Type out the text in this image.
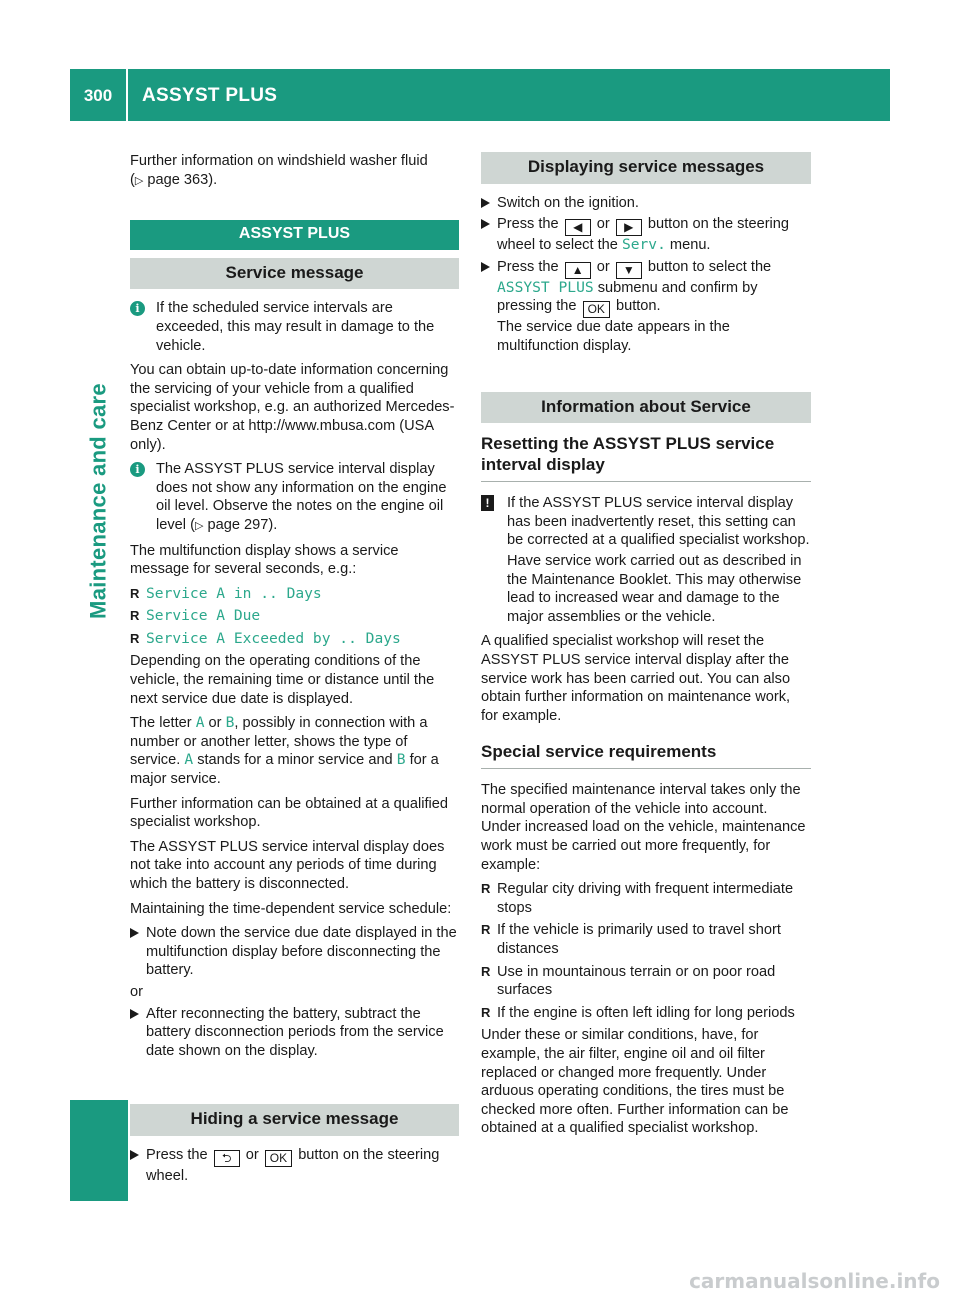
300	ASSYST PLUS
Maintenance and care

Further information on windshield washer fluid
(▷ page 363).

ASSYST PLUS
Service message
i	If the scheduled service intervals are exceeded, this may result in damage to the vehicle.

You can obtain up-to-date information concerning the servicing of your vehicle from a qualified specialist workshop, e.g. an authorized Mercedes-Benz Center or at http://www.mbusa.com (USA only).

i	The ASSYST PLUS service interval display does not show any information on the engine oil level. Observe the notes on the engine oil level (▷ page 297).

The multifunction display shows a service message for several seconds, e.g.:

R Service A in .. Days
R Service A Due
R Service A Exceeded by .. Days

Depending on the operating conditions of the vehicle, the remaining time or distance until the next service due date is displayed.

The letter A or B, possibly in connection with a number or another letter, shows the type of service. A stands for a minor service and B for a major service.

Further information can be obtained at a qualified specialist workshop.

The ASSYST PLUS service interval display does not take into account any periods of time during which the battery is disconnected.

Maintaining the time-dependent service schedule:

Note down the service due date displayed in the multifunction display before disconnecting the battery.

or

After reconnecting the battery, subtract the battery disconnection periods from the service date shown on the display.
Hiding a service message
Press the ⮌ or OK button on the steering wheel.
Displaying service messages
Switch on the ignition.
Press the ◀ or ▶ button on the steering wheel to select the Serv. menu.
Press the ▲ or ▼ button to select the ASSYST PLUS submenu and confirm by pressing the OK button.
The service due date appears in the multifunction display.
Information about Service
Resetting the ASSYST PLUS service interval display
!	If the ASSYST PLUS service interval display has been inadvertently reset, this setting can be corrected at a qualified specialist workshop.

Have service work carried out as described in the Maintenance Booklet. This may otherwise lead to increased wear and damage to the major assemblies or the vehicle.

A qualified specialist workshop will reset the ASSYST PLUS service interval display after the service work has been carried out. You can also obtain further information on maintenance work, for example.

Special service requirements

The specified maintenance interval takes only the normal operation of the vehicle into account. Under increased load on the vehicle, maintenance work must be carried out more frequently, for example:

R Regular city driving with frequent intermediate stops
R If the vehicle is primarily used to travel short distances
R Use in mountainous terrain or on poor road surfaces
R If the engine is often left idling for long periods

Under these or similar conditions, have, for example, the air filter, engine oil and oil filter replaced or changed more frequently. Under arduous operating conditions, the tires must be checked more often. Further information can be obtained at a qualified specialist workshop.

carmanualsonline.info
